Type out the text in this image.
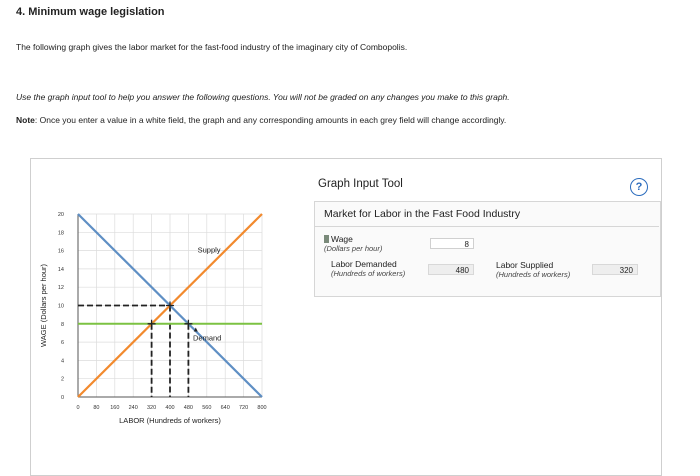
4. Minimum wage legislation
The following graph gives the labor market for the fast-food industry of the imaginary city of Combopolis.
Use the graph input tool to help you answer the following questions. You will not be graded on any changes you make to this graph.
Note: Once you enter a value in a white field, the graph and any corresponding amounts in each grey field will change accordingly.
0
2
4
6
8
10
12
14
16
18
20
0	80 160 240 320 400 480 560 640 720 800
LABOR (Hundreds of workers)
WAGE (Dollars per hour)
Supply
Demand
Graph Input Tool	?
Market for Labor in the Fast Food Industry
Wage
(Dollars per hour)	8
Labor Demanded
(Hundreds of workers)	480
Labor Supplied
(Hundreds of workers)	320
